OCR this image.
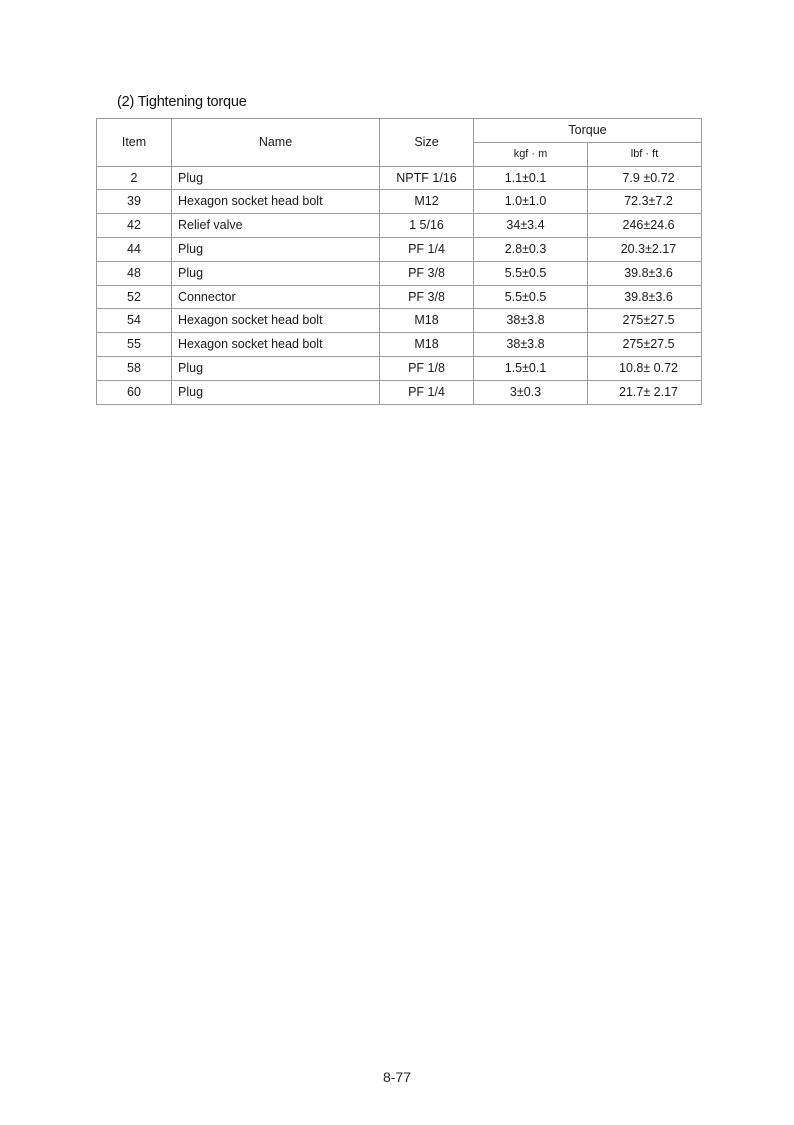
(2) Tightening torque
Item	Name	Size	Torque	
			kgf · m	lbf · ft
2	Plug	NPTF 1/16	1.1±0.1	7.9 ±0.72
39	Hexagon socket head bolt	M12	1.0±1.0	72.3±7.2
42	Relief valve	1 5/16	34±3.4	246±24.6
44	Plug	PF 1/4	2.8±0.3	20.3±2.17
48	Plug	PF 3/8	5.5±0.5	39.8±3.6
52	Connector	PF 3/8	5.5±0.5	39.8±3.6
54	Hexagon socket head bolt	M18	38±3.8	275±27.5
55	Hexagon socket head bolt	M18	38±3.8	275±27.5
58	Plug	PF 1/8	1.5±0.1	10.8± 0.72
60	Plug	PF 1/4	3±0.3	21.7± 2.17
8-77
